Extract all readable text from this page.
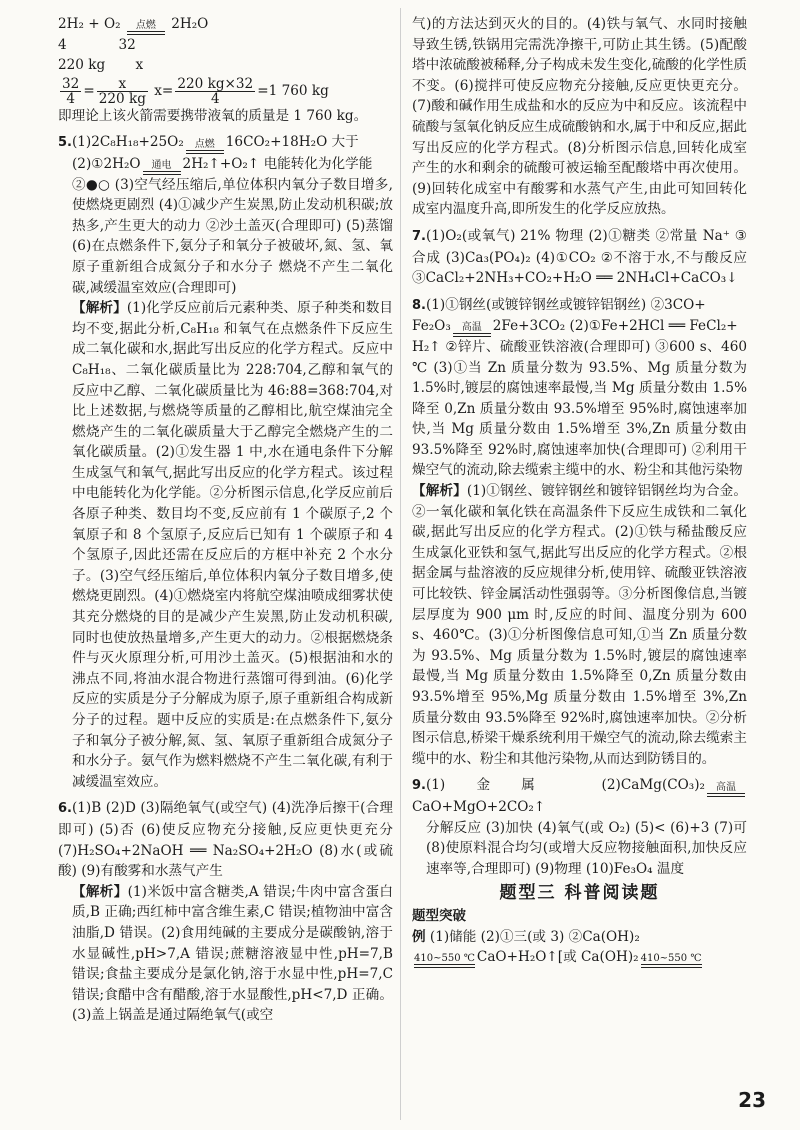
2H₂ + O₂	点燃 2H₂O

4            32

220 kg       x

$\frac{32}{4} = \frac{x}{220 kg} x= \frac{220 kg\times 32}{4} =1$ 760 kg

即理论上该火箭需要携带液氧的质量是 1 760 kg。

5.(1)2C₈H₁₈+25O₂	点燃 16CO₂+18H₂O 大于

(2)①2H₂O	通电 2H₂↑+O₂↑ 电能转化为化学能

②●○ (3)空气经压缩后,单位体积内氧分子数目增多,使燃烧更剧烈 (4)①减少产生炭黑,防止发动机积碳;放热多,产生更大的动力 ②沙土盖灭(合理即可) (5)蒸馏 (6)在点燃条件下,氨分子和氧分子被破坏,氮、氢、氧原子重新组合成氮分子和水分子 燃烧不产生二氧化碳,减缓温室效应(合理即可)

【解析】(1)化学反应前后元素种类、原子种类和数目均不变,据此分析,C₈H₁₈ 和氧气在点燃条件下反应生成二氧化碳和水,据此写出反应的化学方程式。反应中 C₈H₁₈、二氧化碳质量比为 228:704,乙醇和氧气的反应中乙醇、二氧化碳质量比为 46:88=368:704,对比上述数据,与燃烧等质量的乙醇相比,航空煤油完全燃烧产生的二氧化碳质量大于乙醇完全燃烧产生的二氧化碳质量。(2)①发生器 1 中,水在通电条件下分解生成氢气和氧气,据此写出反应的化学方程式。该过程中电能转化为化学能。②分析图示信息,化学反应前后各原子种类、数目均不变,反应前有 1 个碳原子,2 个氧原子和 8 个氢原子,反应后已知有 1 个碳原子和 4 个氢原子,因此还需在反应后的方框中补充 2 个水分子。(3)空气经压缩后,单位体积内氧分子数目增多,使燃烧更剧烈。(4)①燃烧室内将航空煤油喷成细雾状使其充分燃烧的目的是减少产生炭黑,防止发动机积碳,同时也使放热量增多,产生更大的动力。②根据燃烧条件与灭火原理分析,可用沙土盖灭。(5)根据油和水的沸点不同,将油水混合物进行蒸馏可得到油。(6)化学反应的实质是分子分解成为原子,原子重新组合构成新分子的过程。题中反应的实质是:在点燃条件下,氨分子和氧分子被分解,氮、氢、氧原子重新组合成氮分子和水分子。氨气作为燃料燃烧不产生二氧化碳,有利于减缓温室效应。

6.(1)B (2)D (3)隔绝氧气(或空气) (4)洗净后擦干(合理即可) (5)否 (6)使反应物充分接触,反应更快更充分 (7)H₂SO₄+2NaOH ══ Na₂SO₄+2H₂O (8)水(或硫酸) (9)有酸雾和水蒸气产生

【解析】(1)米饭中富含糖类,A 错误;牛肉中富含蛋白质,B 正确;西红柿中富含维生素,C 错误;植物油中富含油脂,D 错误。(2)食用纯碱的主要成分是碳酸钠,溶于水显碱性,pH>7,A 错误;蔗糖溶液显中性,pH=7,B 错误;食盐主要成分是氯化钠,溶于水显中性,pH=7,C 错误;食醋中含有醋酸,溶于水显酸性,pH<7,D 正确。(3)盖上锅盖是通过隔绝氧气(或空

气)的方法达到灭火的目的。(4)铁与氧气、水同时接触导致生锈,铁锅用完需洗净擦干,可防止其生锈。(5)配酸塔中浓硫酸被稀释,分子构成未发生变化,硫酸的化学性质不变。(6)搅拌可使反应物充分接触,反应更快更充分。(7)酸和碱作用生成盐和水的反应为中和反应。该流程中硫酸与氢氧化钠反应生成硫酸钠和水,属于中和反应,据此写出反应的化学方程式。(8)分析图示信息,回转化成室产生的水和剩余的硫酸可被运输至配酸塔中再次使用。(9)回转化成室中有酸雾和水蒸气产生,由此可知回转化成室内温度升高,即所发生的化学反应放热。

7.(1)O₂(或氧气) 21% 物理 (2)①糖类 ②常量 Na⁺ ③合成 (3)Ca₃(PO₄)₂ (4)①CO₂ ②不溶于水,不与酸反应 ③CaCl₂+2NH₃+CO₂+H₂O ══ 2NH₄Cl+CaCO₃↓

8.(1)①钢丝(或镀锌钢丝或镀锌铝钢丝) ②3CO+

Fe₂O₃	高温 2Fe+3CO₂ (2)①Fe+2HCl ══ FeCl₂+

H₂↑ ②锌片、硫酸亚铁溶液(合理即可) ③600 s、460 ℃ (3)①当 Zn 质量分数为 93.5%、Mg 质量分数为 1.5%时,镀层的腐蚀速率最慢,当 Mg 质量分数由 1.5%降至 0,Zn 质量分数由 93.5%增至 95%时,腐蚀速率加快,当 Mg 质量分数由 1.5%增至 3%,Zn 质量分数由 93.5%降至 92%时,腐蚀速率加快(合理即可) ②利用干燥空气的流动,除去缆索主缆中的水、粉尘和其他污染物

【解析】(1)①钢丝、镀锌钢丝和镀锌铝钢丝均为合金。②一氧化碳和氧化铁在高温条件下反应生成铁和二氧化碳,据此写出反应的化学方程式。(2)①铁与稀盐酸反应生成氯化亚铁和氢气,据此写出反应的化学方程式。②根据金属与盐溶液的反应规律分析,使用锌、硫酸亚铁溶液可比较铁、锌金属活动性强弱等。③分析图像信息,当镀层厚度为 900 μm 时,反应的时间、温度分别为 600 s、460℃。(3)①分析图像信息可知,①当 Zn 质量分数为 93.5%、Mg 质量分数为 1.5%时,镀层的腐蚀速率最慢,当 Mg 质量分数由 1.5%降至 0,Zn 质量分数由 93.5%增至 95%,Mg 质量分数由 1.5%增至 3%,Zn 质量分数由 93.5%降至 92%时,腐蚀速率加快。②分析图示信息,桥梁干燥系统利用干燥空气的流动,除去缆索主缆中的水、粉尘和其他污染物,从而达到防锈目的。

9.(1)金属 (2)CaMg(CO₃)₂	高温
CaO+MgO+2CO₂↑

分解反应 (3)加快 (4)氧气(或 O₂) (5)< (6)+3 (7)可 (8)使原料混合均匀(或增大反应物接触面积,加快反应速率等,合理即可) (9)物理 (10)Fe₃O₄ 温度

题型三 科普阅读题
题型突破

例 (1)储能 (2)①三(或 3) ②Ca(OH)₂

410~550 ℃ CaO+H₂O↑[或 Ca(OH)₂ 410~550 ℃

23
